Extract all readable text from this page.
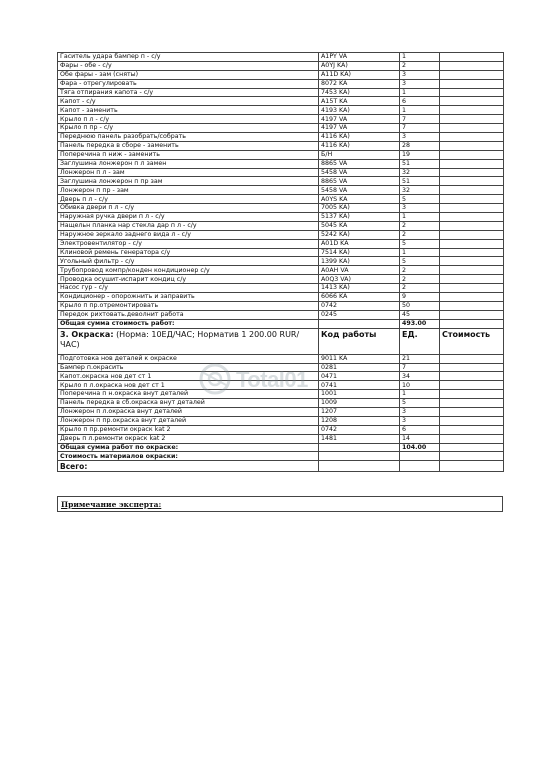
Гаситель удара бампер п - с/у	A1PY VA	1	
Фары - обе - с/у	A0YJ KA)	2	
Обе фары - зам (сняты)	A11D KA)	3	
Фара - отрегулировать	8072 KA	3	
Тяга отпирания капота - с/у	7453 KA)	1	
Капот - с/у	A15T KA	6	
Капот - заменить	4193 KA)	1	
Крыло п л - с/у	4197 VA	7	
Крыло п пр - с/у	4197 VA	7	
Переднюю панель разобрать/собрать	4116 KA)	3	
Панель передка в сборе - заменить	4116 KA)	28	
Поперечина п ниж - заменить	Б/Н	19	
Заглушина лонжерон п л замен	8865 VA	51	
Лонжерон п л - зам	5458 VA	32	
Заглушина лонжерон п пр зам	8865 VA	51	
Лонжерон п пр - зам	5458 VA	32	
Дверь п л - с/у	A0YS KA	5	
Обивка двери п л - с/у	7005 KA)	3	
Наружная ручка двери п л - с/у	5137 KA)	1	
Нащельн планка нар стекла дар п л - с/у	5045 KA	2	
Наружное зеркало заднего вида л - с/у	5242 KA)	2	
Электровентилятор - с/у	A01D KA	5	
Клиновой ремень генератора с/у	7514 KA)	1	
Угольный фильтр - с/у	1399 KA)	5	
Трубопровод компр/конден кондиционер с/у	A0AH VA	2	
Проводка осушит-испарит кондиц с/у	A0Q3 VA)	2	
Насос гур - с/у	1413 KA)	2	
Кондиционер - опорожнить и заправить	6066 KA	9	
Крыло п пр.отремонтировать	0742	50	
Передок рихтовать.деволнит работа	0245	45	
Общая сумма стоимость работ:		493.00	
3. Окраска: (Норма: 10ЕД/ЧАС; Норматив 1 200.00 RUR/ЧАС)	Код работы	ЕД.	Стоимость
Подготовка нов деталей к окраске	9011 KA	21	
Бампер п.окрасить	0281	7	
Капот.окраска нов дет ст 1	0471	34	
Крыло п л.окраска нов дет ст 1	0741	10	
Поперечина п н.окраска внут деталей	1001	1	
Панель передка в сб.окраска внут деталей	1009	5	
Лонжерон п л.окраска внут деталей	1207	3	
Лонжерон п пр.окраска внут деталей	1208	3	
Крыло п пр.ремонти окраск kat 2	0742	6	
Дверь п л.ремонти окраск kat 2	1481	14	
Общая сумма работ по окраске:		104.00	
Стоимость материалов окраски:			
Всего:			
Примечание эксперта:
Total01
